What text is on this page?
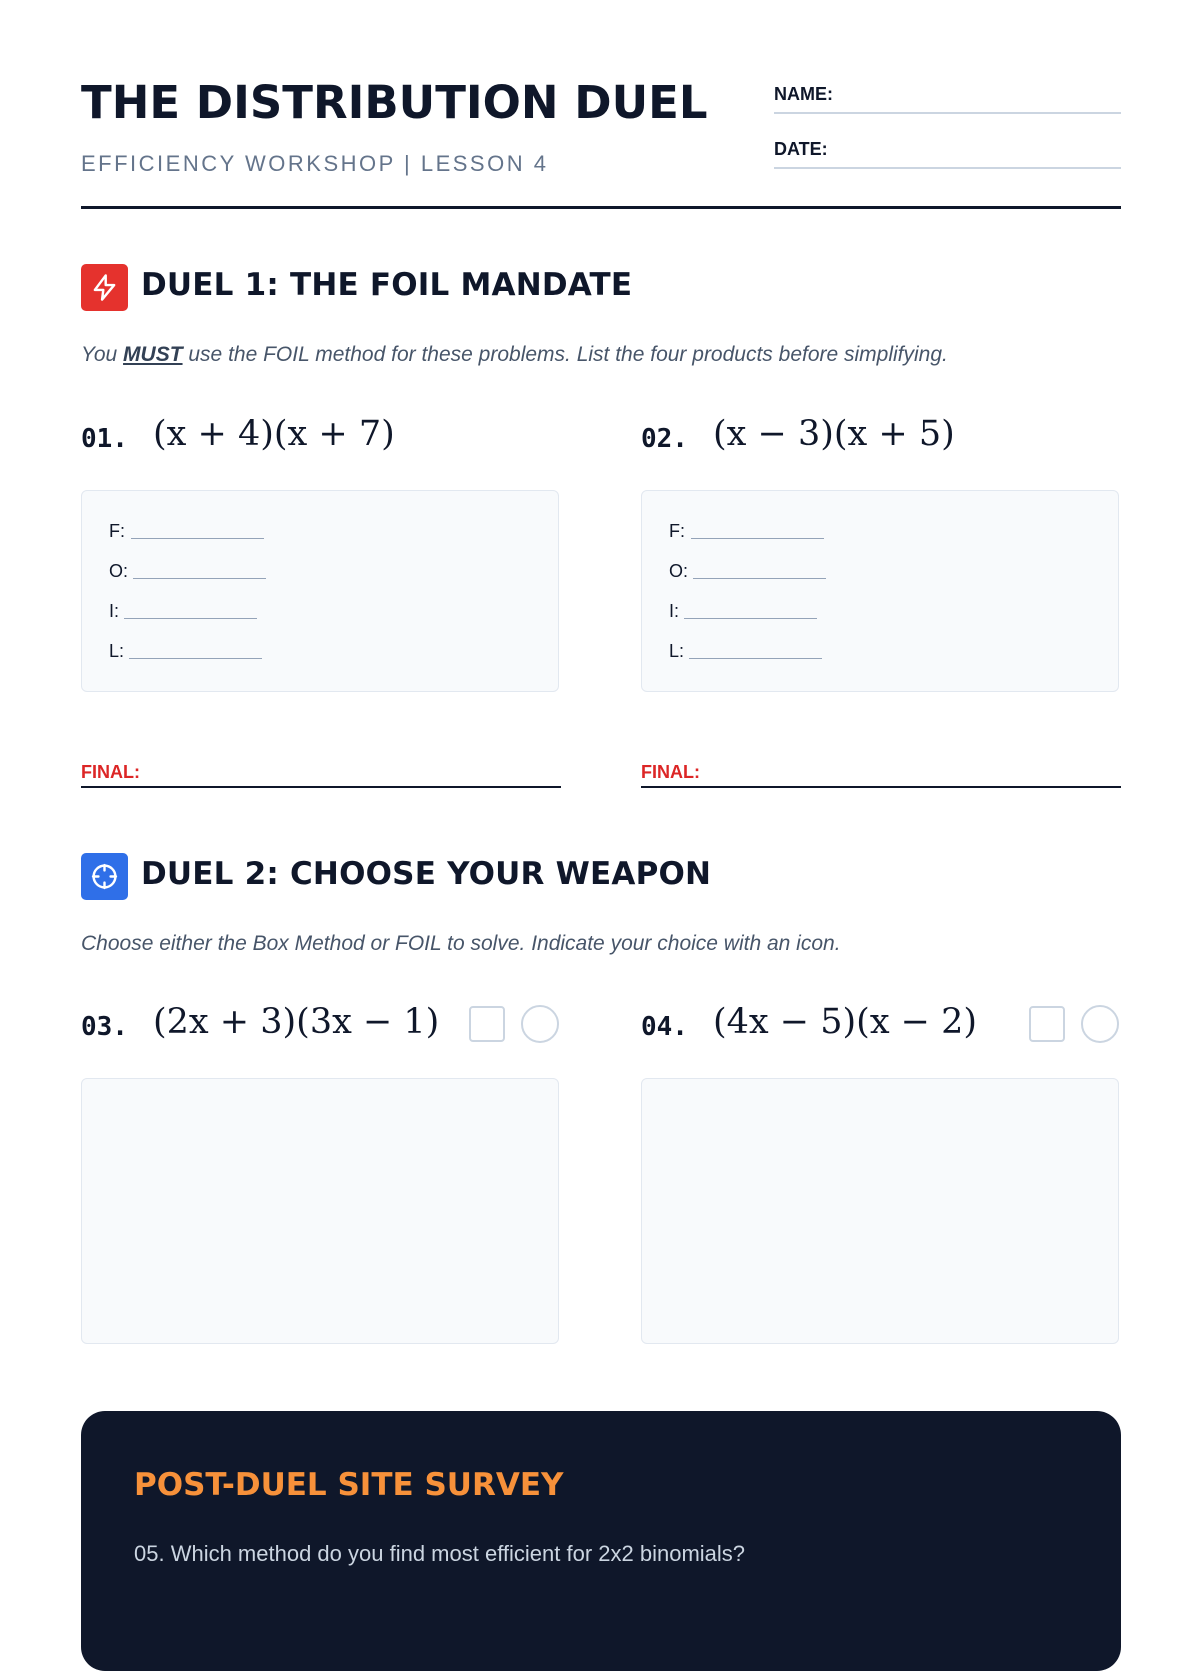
THE DISTRIBUTION DUEL
EFFICIENCY WORKSHOP | LESSON 4
NAME:
DATE:
DUEL 1: THE FOIL MANDATE
You MUST use the FOIL method for these problems. List the four products before simplifying.
01. (x + 4)(x + 7)
F:
O:
I:
L:
FINAL:
02. (x − 3)(x + 5)
F:
O:
I:
L:
FINAL:
DUEL 2: CHOOSE YOUR WEAPON
Choose either the Box Method or FOIL to solve. Indicate your choice with an icon.
03. (2x + 3)(3x − 1)	04. (4x − 5)(x − 2)
POST-DUEL SITE SURVEY
05. Which method do you find most efficient for 2x2 binomials?
